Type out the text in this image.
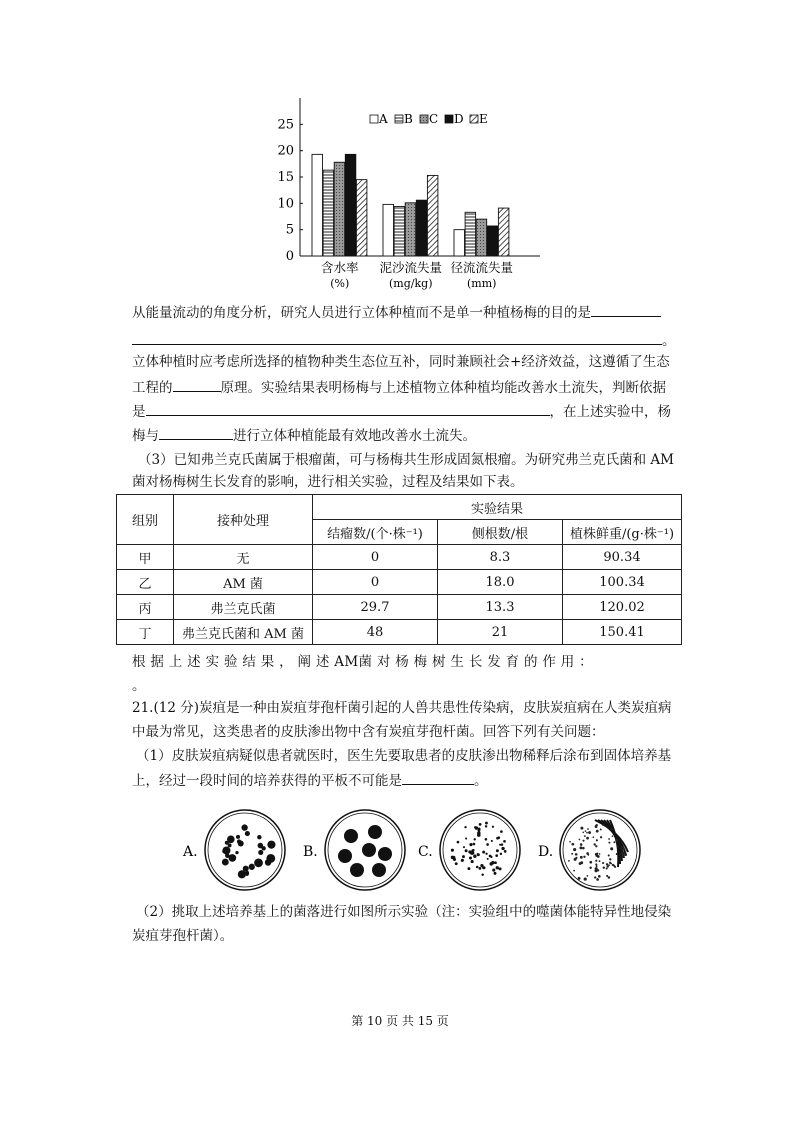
0
5
10
15
20
25
含水率
(%)
泥沙流失量
(mg/kg)
径流流失量
(mm)
A B C D E
从能量流动的角度分析，研究人员进行立体种植而不是单一种植杨梅的目的是
。
立体种植时应考虑所选择的植物种类生态位互补，同时兼顾社会+经济效益，这遵循了生态
工程的	原理。实验结果表明杨梅与上述植物立体种植均能改善水土流失，判断依据
是	，在上述实验中，杨
梅与	进行立体种植能最有效地改善水土流失。
（3）已知弗兰克氏菌属于根瘤菌，可与杨梅共生形成固氮根瘤。为研究弗兰克氏菌和 AM
菌对杨梅树生长发育的影响，进行相关实验，过程及结果如下表。
组别	接种处理	实验结果		
		结瘤数/(个·株⁻¹)	侧根数/根	植株鲜重/(g·株⁻¹)
甲	无	0	8.3	90.34
乙	AM 菌	0	18.0	100.34
丙	弗兰克氏菌	29.7	13.3	120.02
丁	弗兰克氏菌和 AM 菌	48	21	150.41
根 据 上 述 实 验 结 果 ， 阐 述 AM菌 对 杨 梅 树 生 长 发 育 的 作 用 ：
。
21.(12 分)炭疽是一种由炭疽芽孢杆菌引起的人兽共患性传染病，皮肤炭疽病在人类炭疽病
中最为常见，这类患者的皮肤渗出物中含有炭疽芽孢杆菌。回答下列有关问题：
（1）皮肤炭疽病疑似患者就医时，医生先要取患者的皮肤渗出物稀释后涂布到固体培养基
上，经过一段时间的培养获得的平板不可能是	。
A.	B.	C.	D.
（2）挑取上述培养基上的菌落进行如图所示实验（注：实验组中的噬菌体能特异性地侵染
炭疽芽孢杆菌）。
第 10 页 共 15 页
